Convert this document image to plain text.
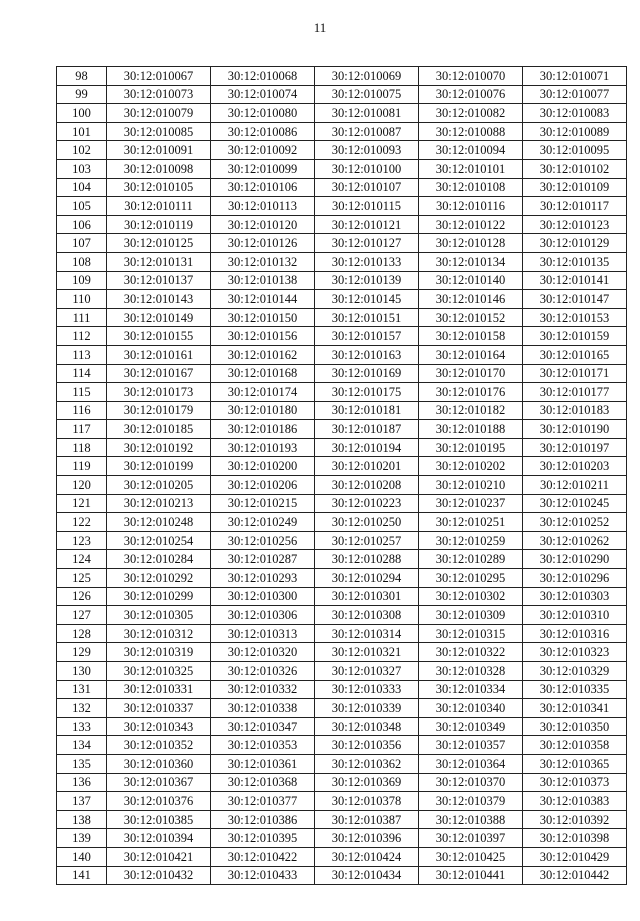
11
98	30:12:010067	30:12:010068	30:12:010069	30:12:010070	30:12:010071
99	30:12:010073	30:12:010074	30:12:010075	30:12:010076	30:12:010077
100	30:12:010079	30:12:010080	30:12:010081	30:12:010082	30:12:010083
101	30:12:010085	30:12:010086	30:12:010087	30:12:010088	30:12:010089
102	30:12:010091	30:12:010092	30:12:010093	30:12:010094	30:12:010095
103	30:12:010098	30:12:010099	30:12:010100	30:12:010101	30:12:010102
104	30:12:010105	30:12:010106	30:12:010107	30:12:010108	30:12:010109
105	30:12:010111	30:12:010113	30:12:010115	30:12:010116	30:12:010117
106	30:12:010119	30:12:010120	30:12:010121	30:12:010122	30:12:010123
107	30:12:010125	30:12:010126	30:12:010127	30:12:010128	30:12:010129
108	30:12:010131	30:12:010132	30:12:010133	30:12:010134	30:12:010135
109	30:12:010137	30:12:010138	30:12:010139	30:12:010140	30:12:010141
110	30:12:010143	30:12:010144	30:12:010145	30:12:010146	30:12:010147
111	30:12:010149	30:12:010150	30:12:010151	30:12:010152	30:12:010153
112	30:12:010155	30:12:010156	30:12:010157	30:12:010158	30:12:010159
113	30:12:010161	30:12:010162	30:12:010163	30:12:010164	30:12:010165
114	30:12:010167	30:12:010168	30:12:010169	30:12:010170	30:12:010171
115	30:12:010173	30:12:010174	30:12:010175	30:12:010176	30:12:010177
116	30:12:010179	30:12:010180	30:12:010181	30:12:010182	30:12:010183
117	30:12:010185	30:12:010186	30:12:010187	30:12:010188	30:12:010190
118	30:12:010192	30:12:010193	30:12:010194	30:12:010195	30:12:010197
119	30:12:010199	30:12:010200	30:12:010201	30:12:010202	30:12:010203
120	30:12:010205	30:12:010206	30:12:010208	30:12:010210	30:12:010211
121	30:12:010213	30:12:010215	30:12:010223	30:12:010237	30:12:010245
122	30:12:010248	30:12:010249	30:12:010250	30:12:010251	30:12:010252
123	30:12:010254	30:12:010256	30:12:010257	30:12:010259	30:12:010262
124	30:12:010284	30:12:010287	30:12:010288	30:12:010289	30:12:010290
125	30:12:010292	30:12:010293	30:12:010294	30:12:010295	30:12:010296
126	30:12:010299	30:12:010300	30:12:010301	30:12:010302	30:12:010303
127	30:12:010305	30:12:010306	30:12:010308	30:12:010309	30:12:010310
128	30:12:010312	30:12:010313	30:12:010314	30:12:010315	30:12:010316
129	30:12:010319	30:12:010320	30:12:010321	30:12:010322	30:12:010323
130	30:12:010325	30:12:010326	30:12:010327	30:12:010328	30:12:010329
131	30:12:010331	30:12:010332	30:12:010333	30:12:010334	30:12:010335
132	30:12:010337	30:12:010338	30:12:010339	30:12:010340	30:12:010341
133	30:12:010343	30:12:010347	30:12:010348	30:12:010349	30:12:010350
134	30:12:010352	30:12:010353	30:12:010356	30:12:010357	30:12:010358
135	30:12:010360	30:12:010361	30:12:010362	30:12:010364	30:12:010365
136	30:12:010367	30:12:010368	30:12:010369	30:12:010370	30:12:010373
137	30:12:010376	30:12:010377	30:12:010378	30:12:010379	30:12:010383
138	30:12:010385	30:12:010386	30:12:010387	30:12:010388	30:12:010392
139	30:12:010394	30:12:010395	30:12:010396	30:12:010397	30:12:010398
140	30:12:010421	30:12:010422	30:12:010424	30:12:010425	30:12:010429
141	30:12:010432	30:12:010433	30:12:010434	30:12:010441	30:12:010442
